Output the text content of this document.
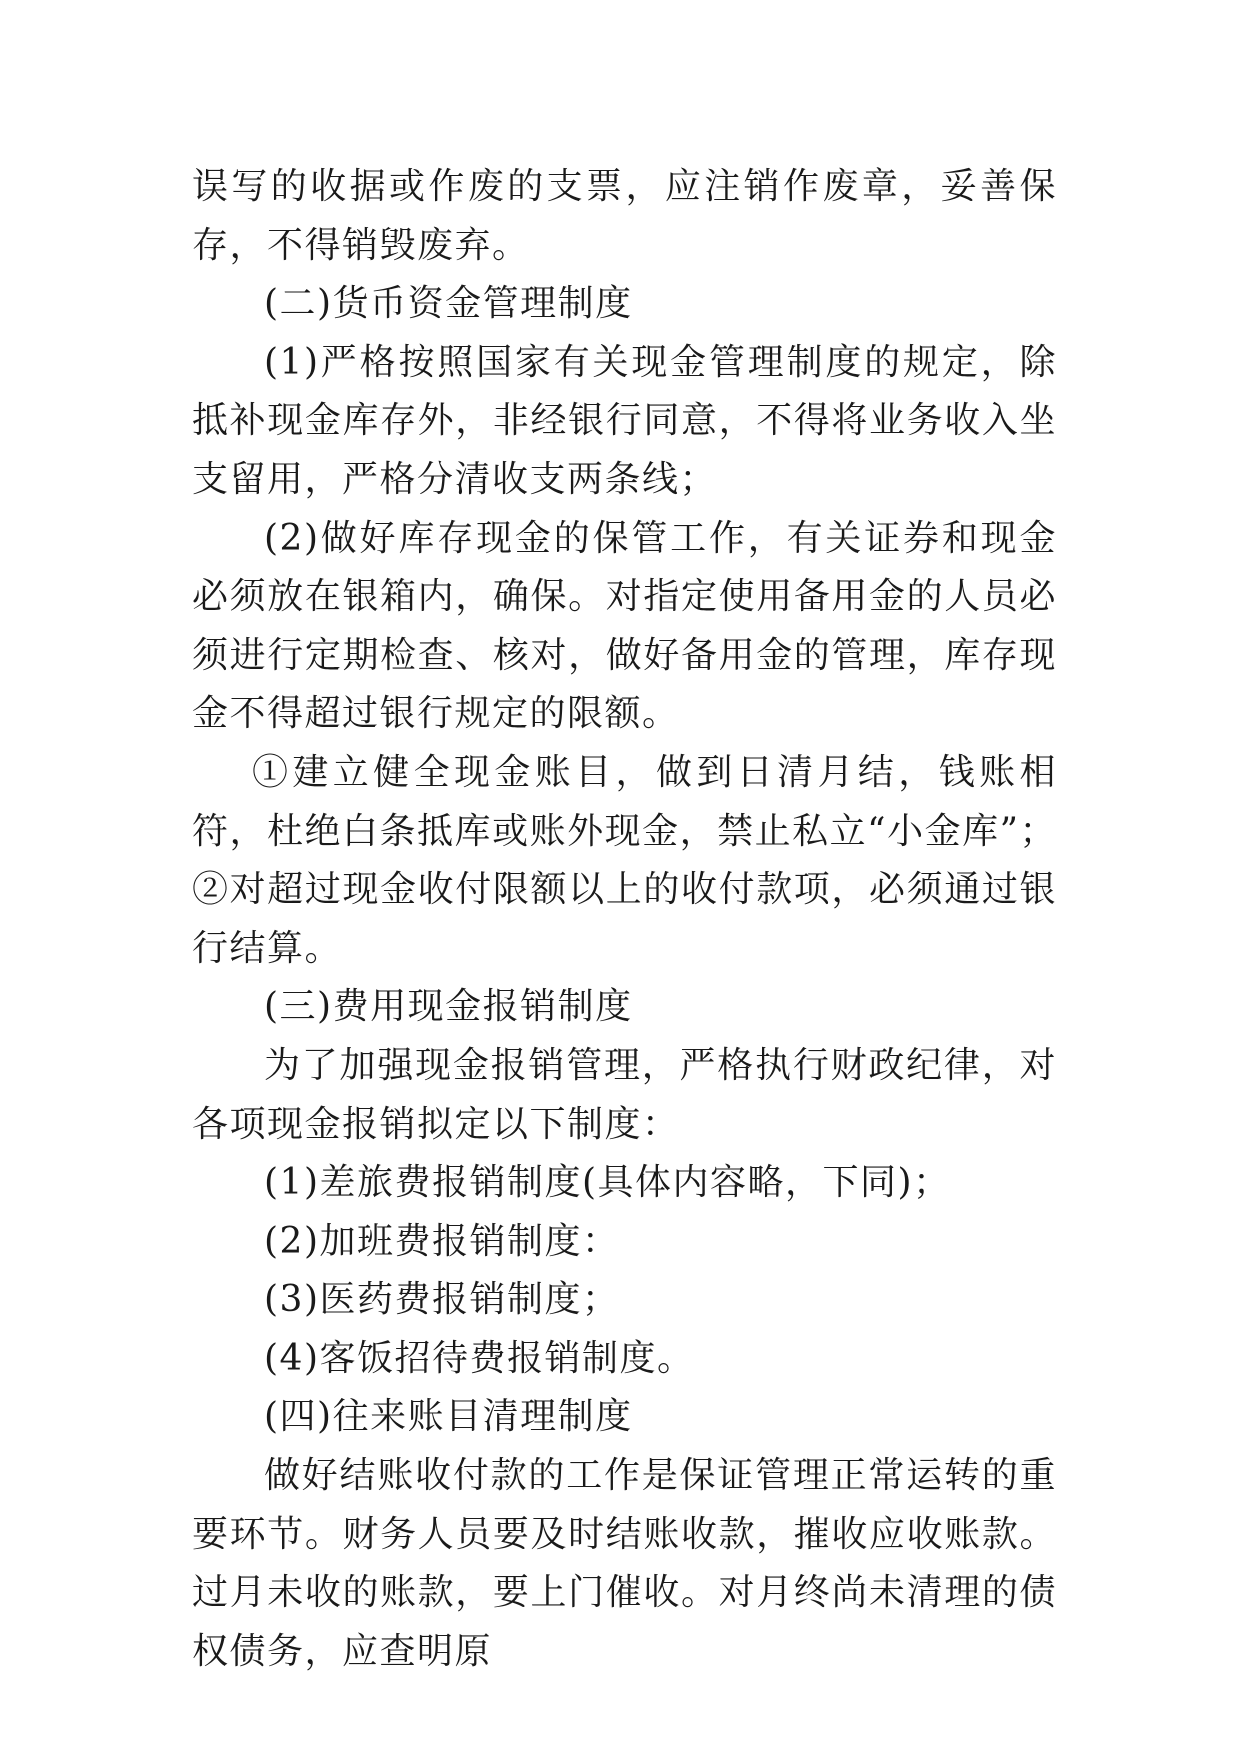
误写的收据或作废的支票，应注销作废章，妥善保存，不得销毁废弃。

(二)货币资金管理制度

(1)严格按照国家有关现金管理制度的规定，除抵补现金库存外，非经银行同意，不得将业务收入坐支留用，严格分清收支两条线；

(2)做好库存现金的保管工作，有关证券和现金必须放在银箱内，确保。对指定使用备用金的人员必须进行定期检查、核对，做好备用金的管理，库存现金不得超过银行规定的限额。

①建立健全现金账目，做到日清月结，钱账相符，杜绝白条抵库或账外现金，禁止私立“小金库”； ②对超过现金收付限额以上的收付款项，必须通过银行结算。

(三)费用现金报销制度

为了加强现金报销管理，严格执行财政纪律，对各项现金报销拟定以下制度：

(1)差旅费报销制度(具体内容略，下同)；

(2)加班费报销制度：

(3)医药费报销制度；

(4)客饭招待费报销制度。

(四)往来账目清理制度

做好结账收付款的工作是保证管理正常运转的重要环节。财务人员要及时结账收款，摧收应收账款。过月未收的账款，要上门催收。对月终尚未清理的债权债务，应查明原
